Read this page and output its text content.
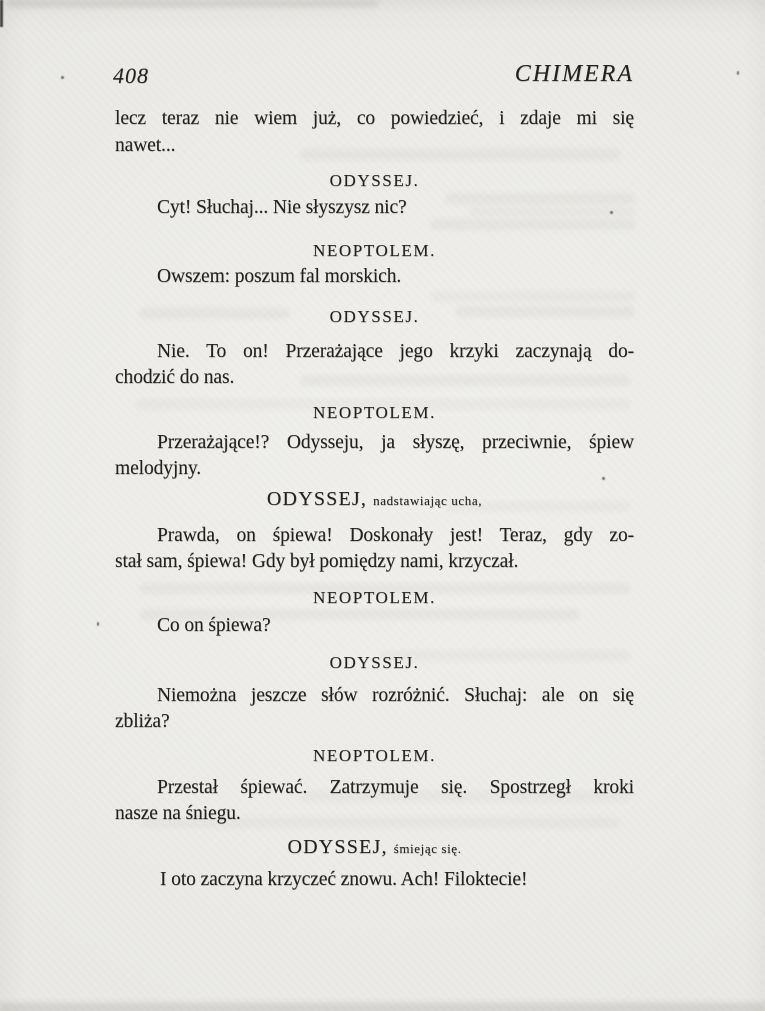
408	CHIMERA
lecz teraz nie wiem już, co powiedzieć, i zdaje mi się
nawet...
ODYSSEJ.
Cyt! Słuchaj... Nie słyszysz nic?
NEOPTOLEM.
Owszem: poszum fal morskich.
ODYSSEJ.
Nie. To on! Przerażające jego krzyki zaczynają do-
chodzić do nas.
NEOPTOLEM.
Przerażające!? Odysseju, ja słyszę, przeciwnie, śpiew
melodyjny.
ODYSSEJ, nadstawiając ucha,
Prawda, on śpiewa! Doskonały jest! Teraz, gdy zo-
stał sam, śpiewa! Gdy był pomiędzy nami, krzyczał.
NEOPTOLEM.
Co on śpiewa?
ODYSSEJ.
Niemożna jeszcze słów rozróżnić. Słuchaj: ale on się
zbliża?
NEOPTOLEM.
Przestał śpiewać. Zatrzymuje się. Spostrzegł kroki
nasze na śniegu.
ODYSSEJ, śmiejąc się.
I oto zaczyna krzyczeć znowu. Ach! Filoktecie!
